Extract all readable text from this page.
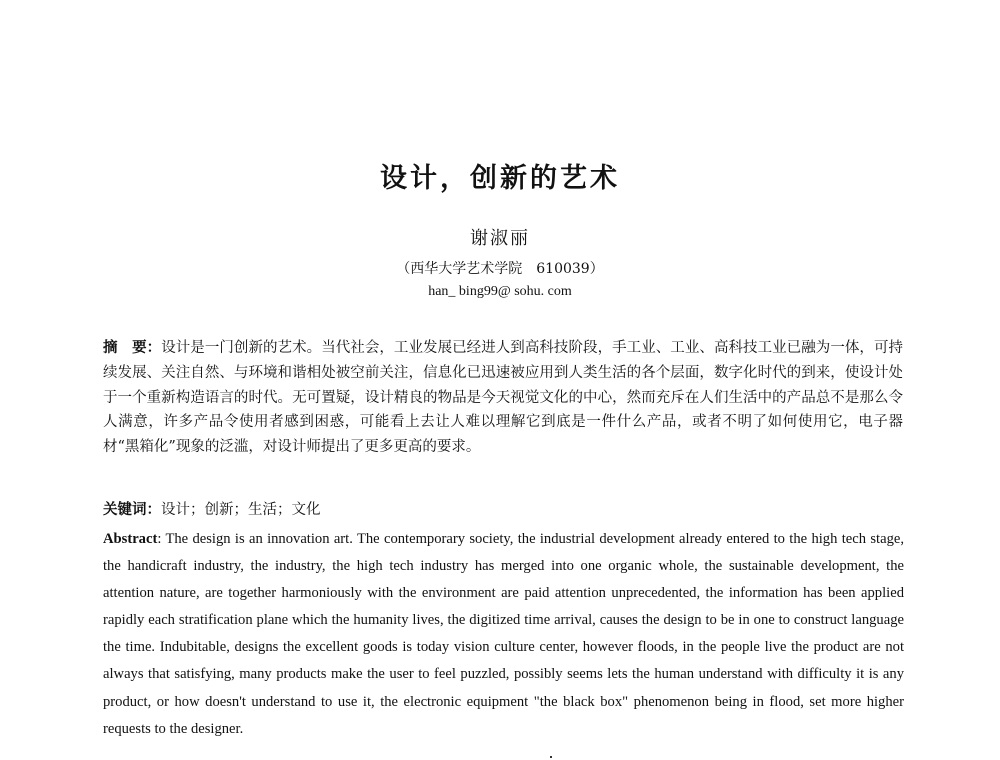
设计，创新的艺术
谢淑丽
（西华大学艺术学院　610039）
han_ bing99@ sohu. com

摘　要：设计是一门创新的艺术。当代社会，工业发展已经进人到高科技阶段，手工业、工业、高科技工业已融为一体，可持续发展、关注自然、与环境和谐相处被空前关注，信息化已迅速被应用到人类生活的各个层面，数字化时代的到来，使设计处于一个重新构造语言的时代。无可置疑，设计精良的物品是今天视觉文化的中心，然而充斥在人们生活中的产品总不是那么令人满意，许多产品令使用者感到困惑，可能看上去让人难以理解它到底是一件什么产品，或者不明了如何使用它，电子器材“黑箱化”现象的泛滥，对设计师提出了更多更高的要求。

关键词：设计；创新；生活；文化

Abstract: The design is an innovation art. The contemporary society, the industrial development already entered to the high tech stage, the handicraft industry, the industry, the high tech industry has merged into one organic whole, the sustainable development, the attention nature, are together harmoniously with the environment are paid attention unprecedented, the information has been applied rapidly each stratification plane which the humanity lives, the digitized time arrival, causes the design to be in one to construct language the time. Indubitable, designs the excellent goods is today vision culture center, however floods, in the people live the product are not always that satisfying, many products make the user to feel puzzled, possibly seems lets the human understand with difficulty it is any product, or how doesn't understand to use it, the electronic equipment "the black box" phenomenon being in flood, set more higher requests to the designer.
